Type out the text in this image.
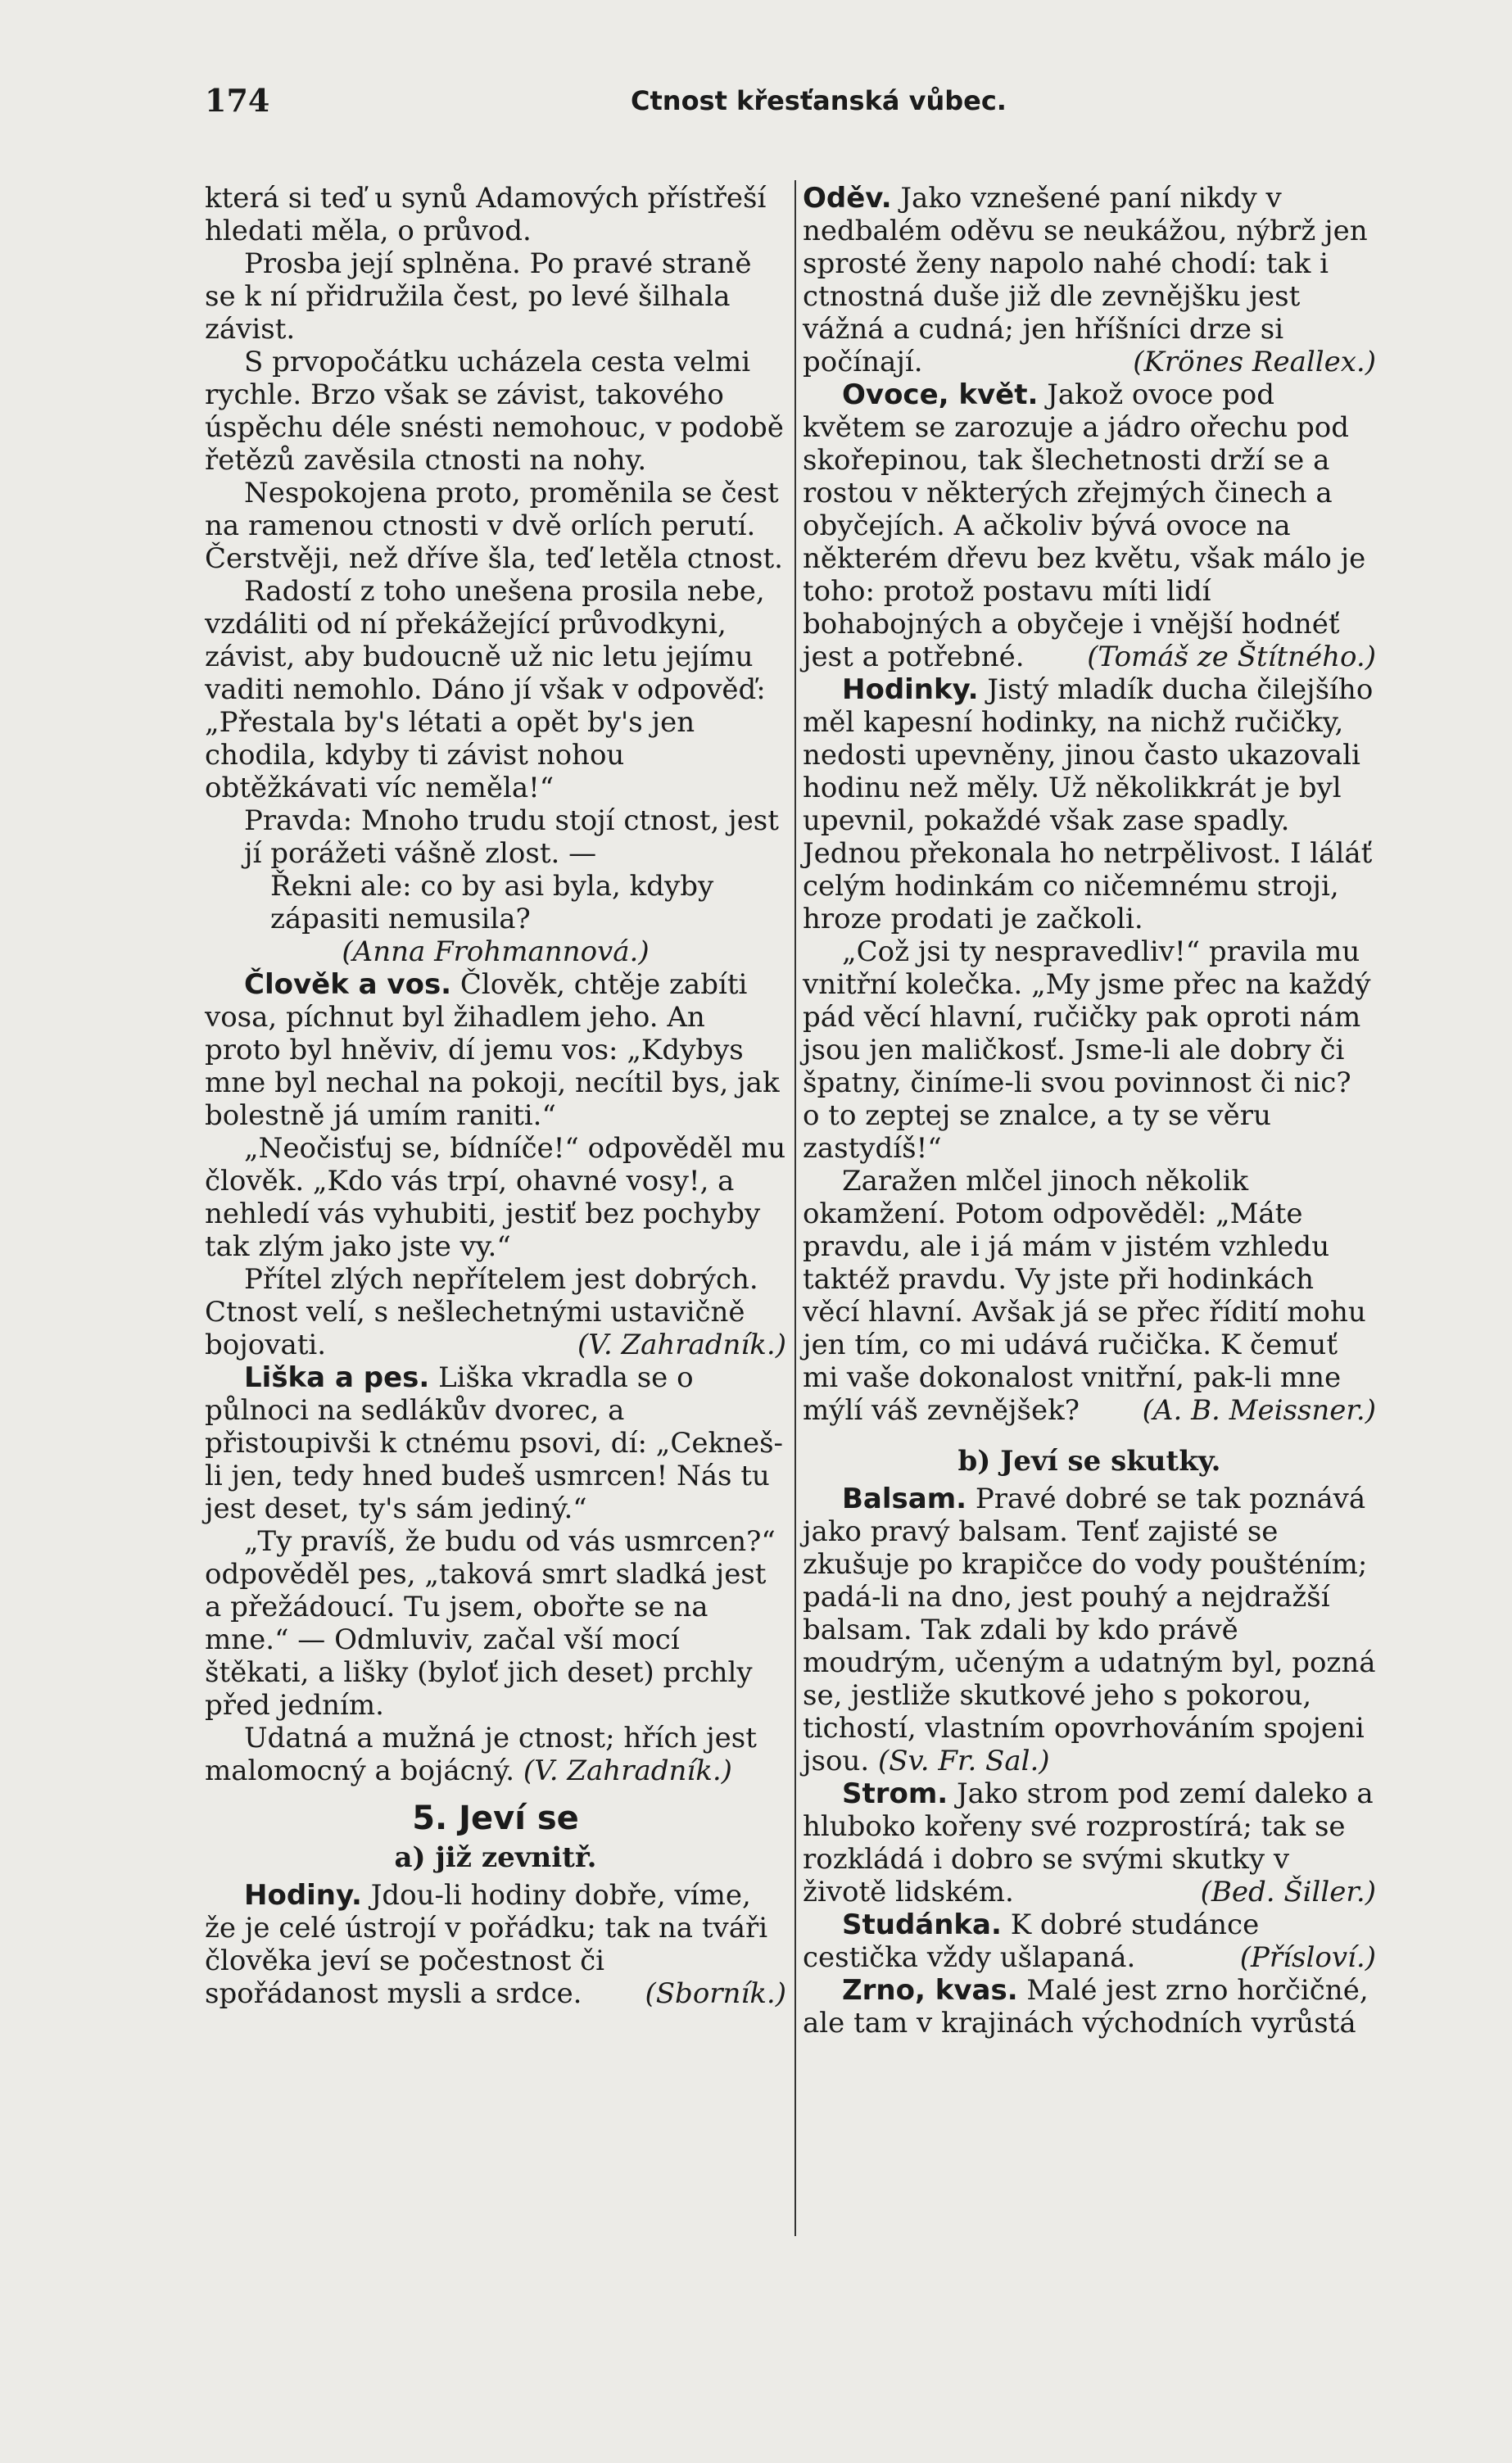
174	Ctnost křesťanská vůbec.

která si teď u synů Adamových přístřeší hledati měla, o průvod.

Prosba její splněna. Po pravé straně se k ní přidružila čest, po levé šilhala závist.

S prvopočátku ucházela cesta velmi rychle. Brzo však se závist, takového úspěchu déle snésti nemohouc, v podobě řetězů zavěsila ctnosti na nohy.

Nespokojena proto, proměnila se čest na ramenou ctnosti v dvě orlích perutí. Čerstvěji, než dříve šla, teď letěla ctnost.

Radostí z toho unešena prosila nebe, vzdáliti od ní překážející průvodkyni, závist, aby budoucně už nic letu jejímu vaditi nemohlo. Dáno jí však v odpověď: „Přestala by's létati a opět by's jen chodila, kdyby ti závist nohou obtěžkávati víc neměla!“

Pravda: Mnoho trudu stojí ctnost, jest jí porážeti vášně zlost. —

Řekni ale: co by asi byla, kdyby zápasiti nemusila?

(Anna Frohmannová.)

Člověk a vos. Člověk, chtěje zabíti vosa, píchnut byl žihadlem jeho. An proto byl hněviv, dí jemu vos: „Kdybys mne byl nechal na pokoji, necítil bys, jak bolestně já umím raniti.“

„Neočisťuj se, bídníče!“ odpověděl mu člověk. „Kdo vás trpí, ohavné vosy!, a nehledí vás vyhubiti, jestiť bez pochyby tak zlým jako jste vy.“

Přítel zlých nepřítelem jest dobrých. Ctnost velí, s nešlechetnými ustavičně bojovati.	(V. Zahradník.)

Liška a pes. Liška vkradla se o půlnoci na sedlákův dvorec, a přistoupivši k ctnému psovi, dí: „Cekneš-li jen, tedy hned budeš usmrcen! Nás tu jest deset, ty's sám jediný.“

„Ty pravíš, že budu od vás usmrcen?“ odpověděl pes, „taková smrt sladká jest a přežádoucí. Tu jsem, obořte se na mne.“ — Odmluviv, začal vší mocí štěkati, a lišky (byloť jich deset) prchly před jedním.

Udatná a mužná je ctnost; hřích jest malomocný a bojácný. (V. Zahradník.)

5. Jeví se
a) již zevnitř.

Hodiny. Jdou-li hodiny dobře, víme, že je celé ústrojí v pořádku; tak na tváři člověka jeví se počestnost či spořádanost mysli a srdce.	(Sborník.)

Oděv. Jako vznešené paní nikdy v nedbalém oděvu se neukážou, nýbrž jen sprosté ženy napolo nahé chodí: tak i ctnostná duše již dle zevnějšku jest vážná a cudná; jen hříšníci drze si počínají.	(Krönes Reallex.)

Ovoce, květ. Jakož ovoce pod květem se zarozuje a jádro ořechu pod skořepinou, tak šlechetnosti drží se a rostou v některých zřejmých činech a obyčejích. A ačkoliv bývá ovoce na některém dřevu bez květu, však málo je toho: protož postavu míti lidí bohabojných a obyčeje i vnější hodnéť jest a potřebné.	(Tomáš ze Štítného.)

Hodinky. Jistý mladík ducha čilejšího měl kapesní hodinky, na nichž ručičky, nedosti upevněny, jinou často ukazovali hodinu než měly. Už několikkrát je byl upevnil, pokaždé však zase spadly. Jednou překonala ho netrpělivost. I láláť celým hodinkám co ničemnému stroji, hroze prodati je začkoli.

„Což jsi ty nespravedliv!“ pravila mu vnitřní kolečka. „My jsme přec na každý pád věcí hlavní, ručičky pak oproti nám jsou jen maličkosť. Jsme-li ale dobry či špatny, činíme-li svou povinnost či nic? o to zeptej se znalce, a ty se věru zastydíš!“

Zaražen mlčel jinoch několik okamžení. Potom odpověděl: „Máte pravdu, ale i já mám v jistém vzhledu taktéž pravdu. Vy jste při hodinkách věcí hlavní. Avšak já se přec řídití mohu jen tím, co mi udává ručička. K čemuť mi vaše dokonalost vnitřní, pak-li mne mýlí váš zevnějšek?	(A. B. Meissner.)

b) Jeví se skutky.

Balsam. Pravé dobré se tak poznává jako pravý balsam. Tenť zajisté se zkušuje po krapičce do vody poušténím; padá-li na dno, jest pouhý a nejdražší balsam. Tak zdali by kdo právě moudrým, učeným a udatným byl, pozná se, jestliže skutkové jeho s pokorou, tichostí, vlastním opovrhováním spojeni jsou. (Sv. Fr. Sal.)

Strom. Jako strom pod zemí daleko a hluboko kořeny své rozprostírá; tak se rozkládá i dobro se svými skutky v životě lidském.	(Bed. Šiller.)

Studánka. K dobré studánce cestička vždy ušlapaná.	(Přísloví.)

Zrno, kvas. Malé jest zrno horčičné, ale tam v krajinách východních vyrůstá
